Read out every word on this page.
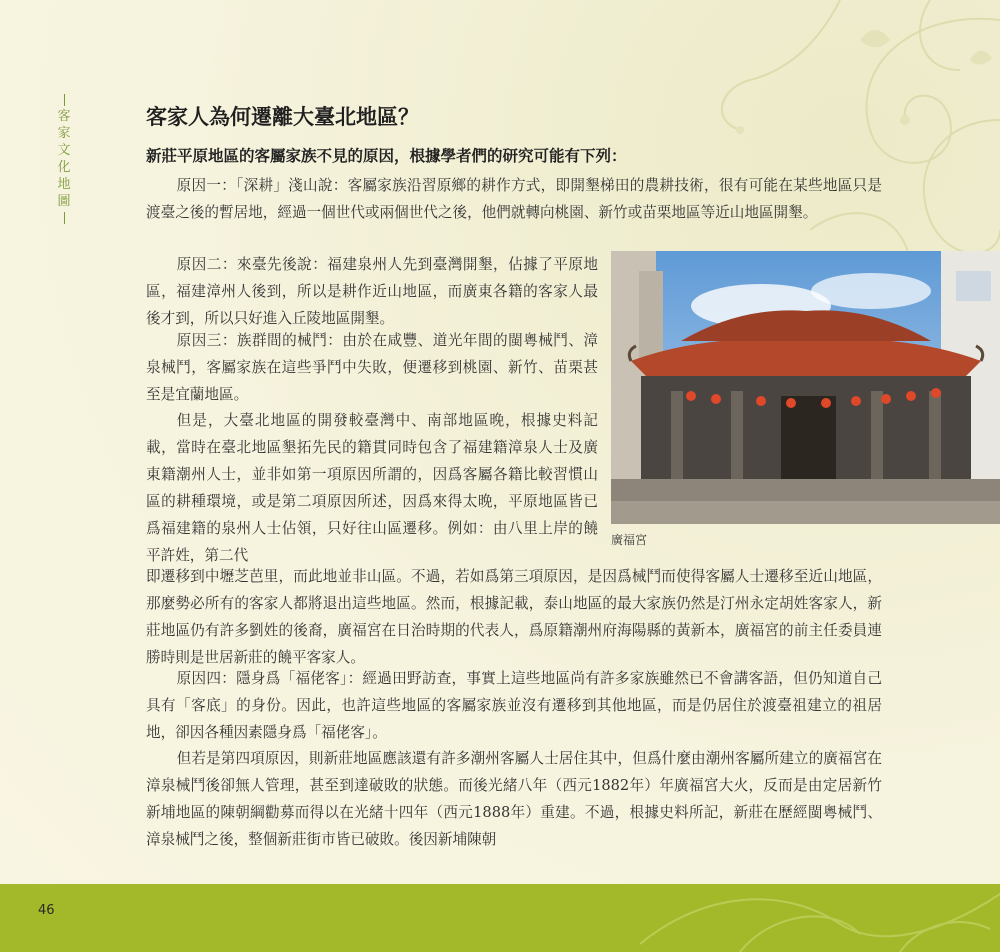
客家文化地圖
客家人為何遷離大臺北地區？
新莊平原地區的客屬家族不見的原因，根據學者們的研究可能有下列：
原因一：「深耕」淺山說：客屬家族沿習原鄉的耕作方式，即開墾梯田的農耕技術，很有可能在某些地區只是渡臺之後的暫居地，經過一個世代或兩個世代之後，他們就轉向桃園、新竹或苗栗地區等近山地區開墾。
原因二：來臺先後說：福建泉州人先到臺灣開墾，佔據了平原地區，福建漳州人後到，所以是耕作近山地區，而廣東各籍的客家人最後才到，所以只好進入丘陵地區開墾。
原因三：族群間的械鬥：由於在咸豐、道光年間的閩粵械鬥、漳泉械鬥，客屬家族在這些爭鬥中失敗，便遷移到桃園、新竹、苗栗甚至是宜蘭地區。
但是，大臺北地區的開發較臺灣中、南部地區晚，根據史料記載，當時在臺北地區墾拓先民的籍貫同時包含了福建籍漳泉人士及廣東籍潮州人士，並非如第一項原因所謂的，因爲客屬各籍比較習慣山區的耕種環境，或是第二項原因所述，因爲來得太晚，平原地區皆已爲福建籍的泉州人士佔領，只好往山區遷移。例如：由八里上岸的饒平許姓，第二代
即遷移到中壢芝芭里，而此地並非山區。不過，若如爲第三項原因，是因爲械鬥而使得客屬人士遷移至近山地區，那麼勢必所有的客家人都將退出這些地區。然而，根據記載，泰山地區的最大家族仍然是汀州永定胡姓客家人，新莊地區仍有許多劉姓的後裔，廣福宮在日治時期的代表人，爲原籍潮州府海陽縣的黃新本，廣福宮的前主任委員連勝時則是世居新莊的饒平客家人。
原因四：隱身爲「福佬客」：經過田野訪查，事實上這些地區尚有許多家族雖然已不會講客語，但仍知道自己具有「客底」的身份。因此，也許這些地區的客屬家族並沒有遷移到其他地區，而是仍居住於渡臺祖建立的祖居地，卻因各種因素隱身爲「福佬客」。
但若是第四項原因，則新莊地區應該還有許多潮州客屬人士居住其中，但爲什麼由潮州客屬所建立的廣福宮在漳泉械鬥後卻無人管理，甚至到達破敗的狀態。而後光緒八年（西元1882年）年廣福宮大火，反而是由定居新竹新埔地區的陳朝綱勸募而得以在光緒十四年（西元1888年）重建。不過，根據史料所記，新莊在歷經閩粵械鬥、漳泉械鬥之後，整個新莊街市皆已破敗。後因新埔陳朝
廣福宮
46
